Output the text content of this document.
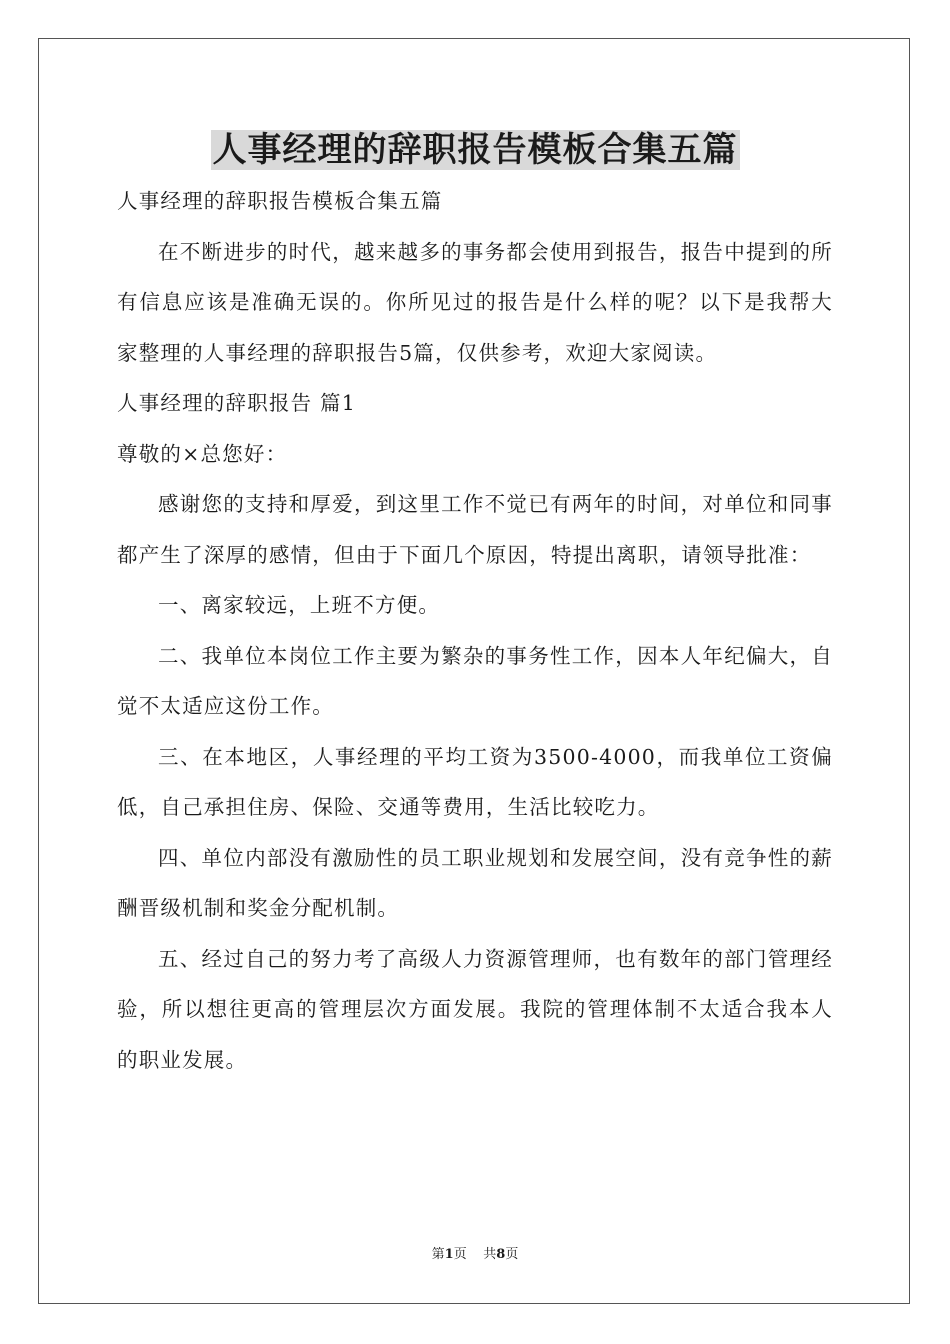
人事经理的辞职报告模板合集五篇

人事经理的辞职报告模板合集五篇

在不断进步的时代，越来越多的事务都会使用到报告，报告中提到的所有信息应该是准确无误的。你所见过的报告是什么样的呢？以下是我帮大家整理的人事经理的辞职报告5篇，仅供参考，欢迎大家阅读。

人事经理的辞职报告 篇1

尊敬的×总您好：

感谢您的支持和厚爱，到这里工作不觉已有两年的时间，对单位和同事都产生了深厚的感情，但由于下面几个原因，特提出离职，请领导批准：

一、离家较远，上班不方便。

二、我单位本岗位工作主要为繁杂的事务性工作，因本人年纪偏大，自觉不太适应这份工作。

三、在本地区，人事经理的平均工资为3500-4000，而我单位工资偏低，自己承担住房、保险、交通等费用，生活比较吃力。

四、单位内部没有激励性的员工职业规划和发展空间，没有竞争性的薪酬晋级机制和奖金分配机制。

五、经过自己的努力考了高级人力资源管理师，也有数年的部门管理经验，所以想往更高的管理层次方面发展。我院的管理体制不太适合我本人的职业发展。

第1页 共8页
